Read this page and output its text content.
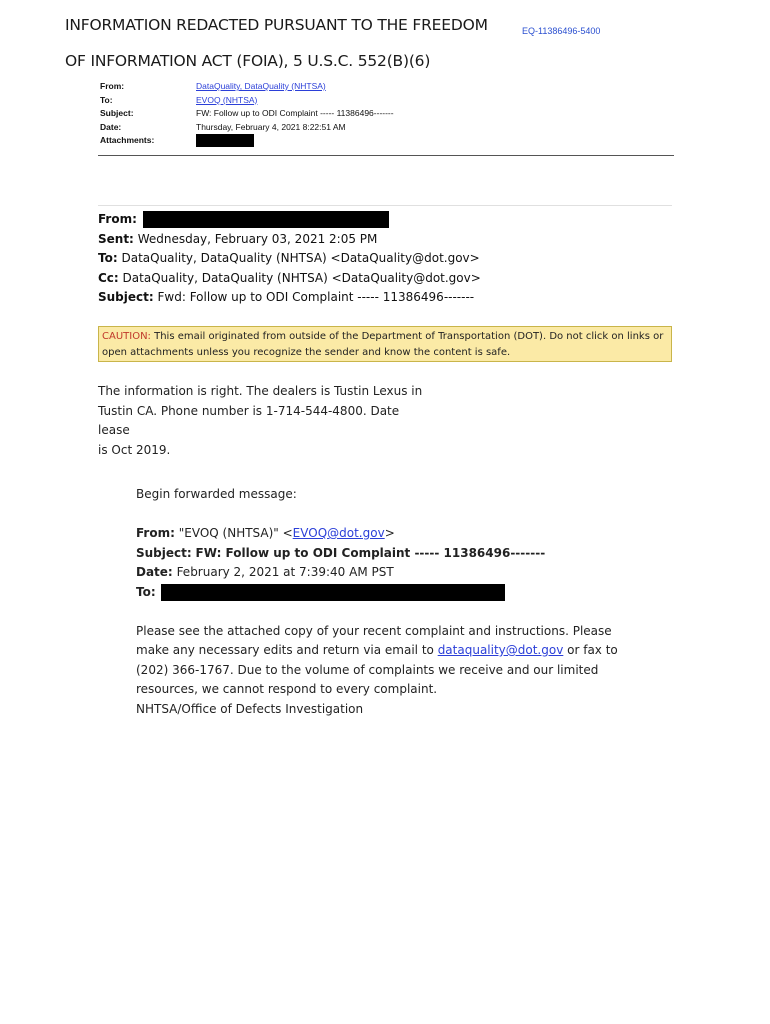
INFORMATION REDACTED PURSUANT TO THE FREEDOM
OF INFORMATION ACT (FOIA), 5 U.S.C. 552(B)(6)
EQ-11386496-5400
From:	DataQuality, DataQuality (NHTSA)
To:	EVOQ (NHTSA)
Subject:	FW: Follow up to ODI Complaint ----- 11386496-------
Date:	Thursday, February 4, 2021 8:22:51 AM
Attachments:
From:
Sent: Wednesday, February 03, 2021 2:05 PM
To: DataQuality, DataQuality (NHTSA) <DataQuality@dot.gov>
Cc: DataQuality, DataQuality (NHTSA) <DataQuality@dot.gov>
Subject: Fwd: Follow up to ODI Complaint ----- 11386496-------
CAUTION: This email originated from outside of the Department of Transportation (DOT). Do not click on links or open attachments unless you recognize the sender and know the content is safe.
The information is right. The dealers is Tustin Lexus in
Tustin CA. Phone number is 1-714-544-4800. Date lease
is Oct 2019.
Begin forwarded message:
From: "EVOQ (NHTSA)" <EVOQ@dot.gov>
Subject: FW: Follow up to ODI Complaint ----- 11386496-------
Date: February 2, 2021 at 7:39:40 AM PST
To:
Please see the attached copy of your recent complaint and instructions. Please make any necessary edits and return via email to dataquality@dot.gov or fax to (202) 366-1767. Due to the volume of complaints we receive and our limited resources, we cannot respond to every complaint.
NHTSA/Office of Defects Investigation
